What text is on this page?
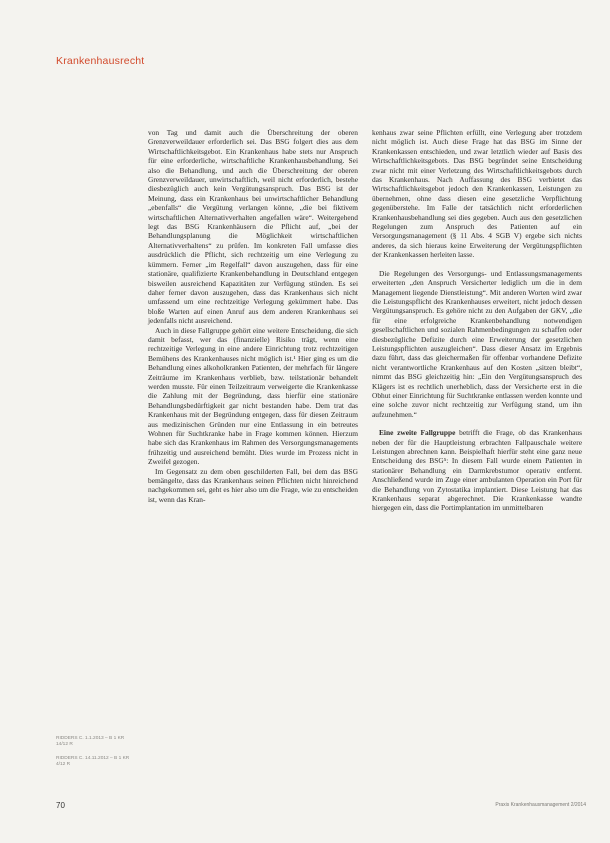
Krankenhausrecht

von Tag und damit auch die Überschreitung der oberen Grenzverweildauer erforderlich sei. Das BSG folgert dies aus dem Wirtschaftlichkeitsgebot. Ein Krankenhaus habe stets nur Anspruch für eine erforderliche, wirtschaftliche Krankenhausbehandlung. Sei also die Behandlung, und auch die Überschreitung der oberen Grenzverweildauer, unwirtschaftlich, weil nicht erforderlich, bestehe diesbezüglich auch kein Vergütungsanspruch. Das BSG ist der Meinung, dass ein Krankenhaus bei unwirtschaftlicher Behandlung „ebenfalls“ die Vergütung verlangen könne, „die bei fiktivem wirtschaftlichen Alternativverhalten angefallen wäre“. Weitergehend legt das BSG Krankenhäusern die Pflicht auf, „bei der Behandlungsplanung die Möglichkeit wirtschaftlichen Alternativverhaltens“ zu prüfen. Im konkreten Fall umfasse dies ausdrücklich die Pflicht, sich rechtzeitig um eine Verlegung zu kümmern. Ferner „im Regelfall“ davon auszugehen, dass für eine stationäre, qualifizierte Krankenbehandlung in Deutschland entgegen bisweilen ausreichend Kapazitäten zur Verfügung stünden. Es sei daher ferner davon auszugehen, dass das Krankenhaus sich nicht umfassend um eine rechtzeitige Verlegung gekümmert habe. Das bloße Warten auf einen Anruf aus dem anderen Krankenhaus sei jedenfalls nicht ausreichend.

Auch in diese Fallgruppe gehört eine weitere Entscheidung, die sich damit befasst, wer das (finanzielle) Risiko trägt, wenn eine rechtzeitige Verlegung in eine andere Einrichtung trotz rechtzeitigen Bemühens des Krankenhauses nicht möglich ist.¹ Hier ging es um die Behandlung eines alkoholkranken Patienten, der mehrfach für längere Zeiträume im Krankenhaus verblieb, bzw. teilstationär behandelt werden musste. Für einen Teilzeitraum verweigerte die Krankenkasse die Zahlung mit der Begründung, dass hierfür eine stationäre Behandlungsbedürftigkeit gar nicht bestanden habe. Dem trat das Krankenhaus mit der Begründung entgegen, dass für diesen Zeitraum aus medizinischen Gründen nur eine Entlassung in ein betreutes Wohnen für Suchtkranke habe in Frage kommen können. Hierzum habe sich das Krankenhaus im Rahmen des Versorgungsmanagements frühzeitig und ausreichend bemüht. Dies wurde im Prozess nicht in Zweifel gezogen.

Im Gegensatz zu dem oben geschilderten Fall, bei dem das BSG bemängelte, dass das Krankenhaus seinen Pflichten nicht hinreichend nachgekommen sei, geht es hier also um die Frage, wie zu entscheiden ist, wenn das Kran-

kenhaus zwar seine Pflichten erfüllt, eine Verlegung aber trotzdem nicht möglich ist. Auch diese Frage hat das BSG im Sinne der Krankenkassen entschieden, und zwar letztlich wieder auf Basis des Wirtschaftlichkeitsgebots. Das BSG begründet seine Entscheidung zwar nicht mit einer Verletzung des Wirtschaftlichkeitsgebots durch das Krankenhaus. Nach Auffassung des BSG verbietet das Wirtschaftlichkeitsgebot jedoch den Krankenkassen, Leistungen zu übernehmen, ohne dass diesen eine gesetzliche Verpflichtung gegenüberstehe. Im Falle der tatsächlich nicht erforderlichen Krankenhausbehandlung sei dies gegeben. Auch aus den gesetzlichen Regelungen zum Anspruch des Patienten auf ein Versorgungsmanagement (§ 11 Abs. 4 SGB V) ergebe sich nichts anderes, da sich hieraus keine Erweiterung der Vergütungspflichten der Krankenkassen herleiten lasse.

Die Regelungen des Versorgungs- und Entlassungsmanagements erweiterten „den Anspruch Versicherter lediglich um die in dem Management liegende Dienstleistung“. Mit anderen Worten wird zwar die Leistungspflicht des Krankenhauses erweitert, nicht jedoch dessen Vergütungsanspruch. Es gehöre nicht zu den Aufgaben der GKV, „die für eine erfolgreiche Krankenbehandlung notwendigen gesellschaftlichen und sozialen Rahmenbedingungen zu schaffen oder diesbezügliche Defizite durch eine Erweiterung der gesetzlichen Leistungspflichten auszugleichen“. Dass dieser Ansatz im Ergebnis dazu führt, dass das gleichermaßen für offenbar vorhandene Defizite nicht verantwortliche Krankenhaus auf den Kosten „sitzen bleibt“, nimmt das BSG gleichzeitig hin: „Ein den Vergütungsanspruch des Klägers ist es rechtlich unerheblich, dass der Versicherte erst in die Obhut einer Einrichtung für Suchtkranke entlassen werden konnte und eine solche zuvor nicht rechtzeitig zur Verfügung stand, um ihn aufzunehmen.“

Eine zweite Fallgruppe betrifft die Frage, ob das Krankenhaus neben der für die Hauptleistung erbrachten Fallpauschale weitere Leistungen abrechnen kann. Beispielhaft hierfür steht eine ganz neue Entscheidung des BSG⁵: In diesem Fall wurde einem Patienten in stationärer Behandlung ein Darmkrebstumor operativ entfernt. Anschließend wurde im Zuge einer ambulanten Operation ein Port für die Behandlung von Zytostatika implantiert. Diese Leistung hat das Krankenhaus separat abgerechnet. Die Krankenkasse wandte hiergegen ein, dass die Portimplantation im unmittelbaren

RIDDERS C. 1.1.2013 – B 1 KR 14/12 R
RIDDERS C. 14.11.2012 – B 1 KR 4/12 R
70	Praxis Krankenhausmanagement 2/2014
